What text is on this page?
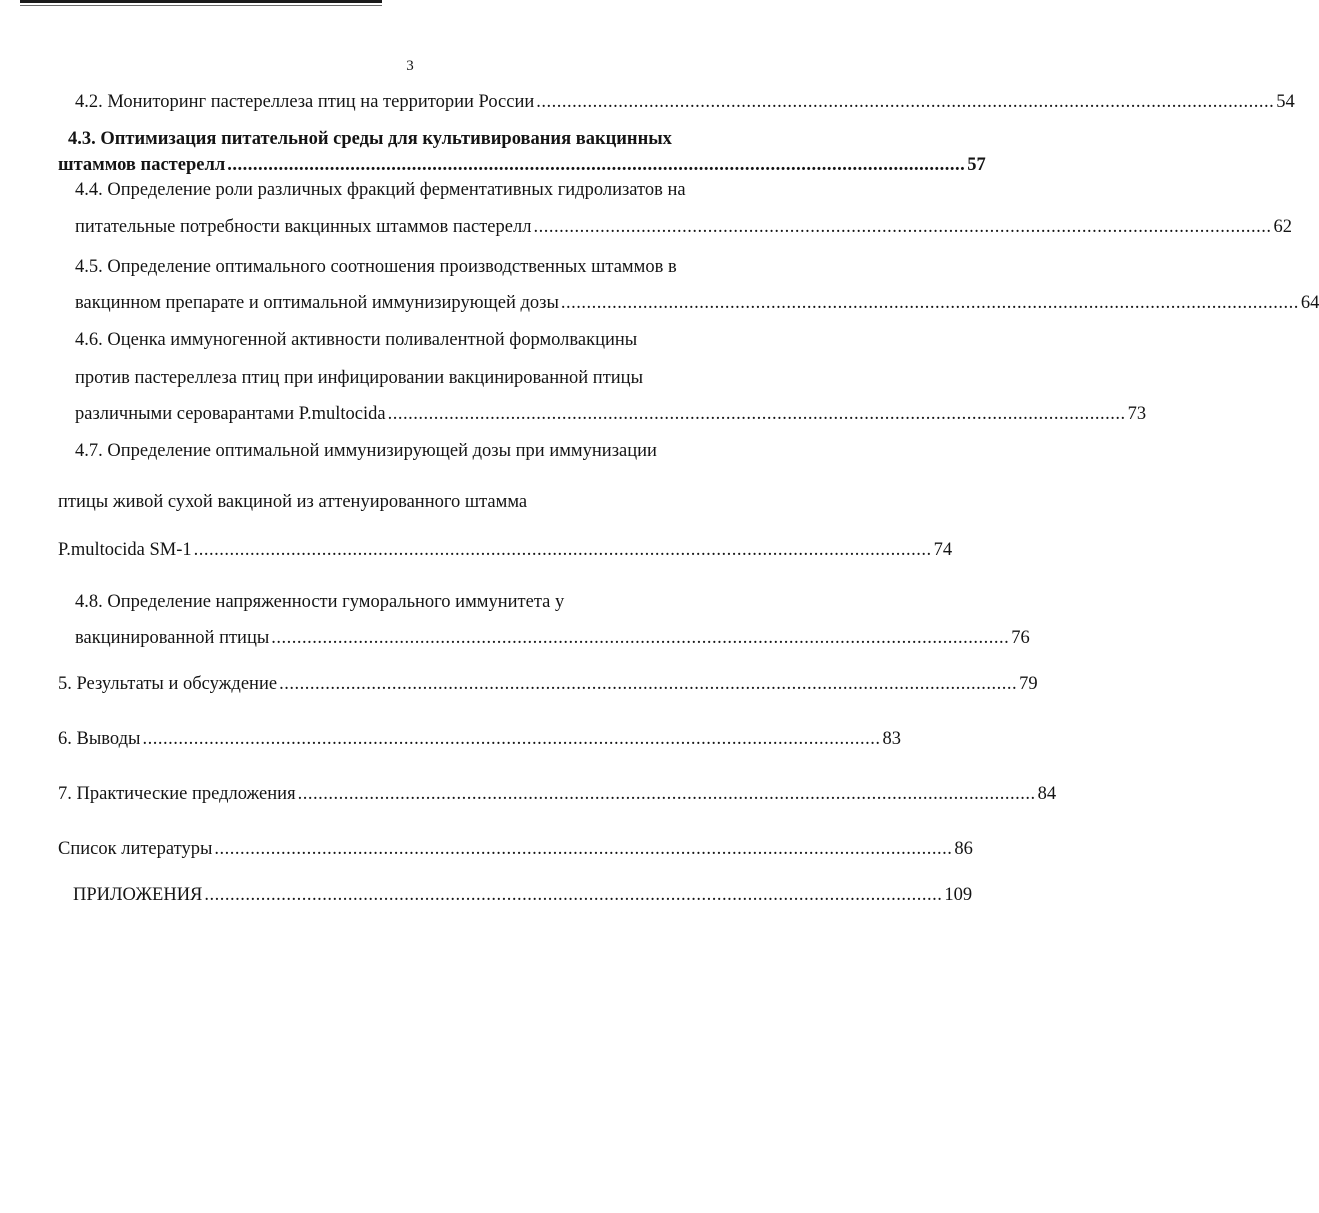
3
4.2. Мониторинг пастереллеза птиц на территории России ................................................................................................................................................ 54
4.3. Оптимизация питательной среды для культивирования вакцинных
штаммов пастерелл ................................................................................................................................................ 57
4.4. Определение роли различных фракций ферментативных гидролизатов на
питательные потребности вакцинных штаммов пастерелл ................................................................................................................................................ 62
4.5. Определение оптимального соотношения производственных штаммов в
вакцинном препарате и оптимальной иммунизирующей дозы ................................................................................................................................................ 64
4.6. Оценка иммуногенной активности поливалентной формолвакцины
против пастереллеза птиц при инфицировании вакцинированной птицы
различными сероварантами P.multocida ................................................................................................................................................ 73
4.7. Определение оптимальной иммунизирующей дозы при иммунизации
птицы живой сухой вакциной из аттенуированного штамма
P.multocida SM-1 ................................................................................................................................................ 74
4.8. Определение напряженности гуморального иммунитета у
вакцинированной птицы ................................................................................................................................................ 76
5. Результаты и обсуждение ................................................................................................................................................ 79
6. Выводы ................................................................................................................................................ 83
7. Практические предложения ................................................................................................................................................ 84
Список литературы ................................................................................................................................................ 86
ПРИЛОЖЕНИЯ ................................................................................................................................................ 109
